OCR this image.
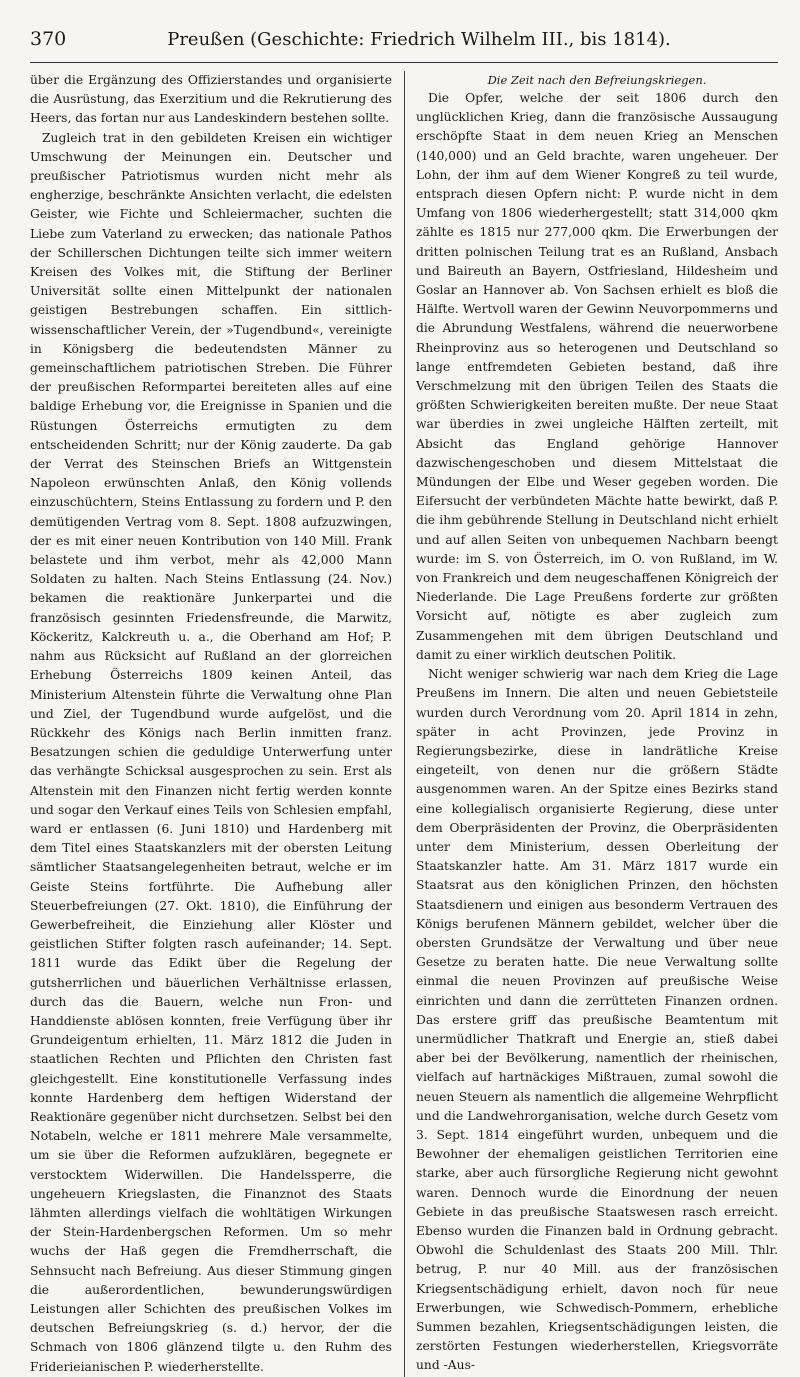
370	Preußen (Geschichte: Friedrich Wilhelm III., bis 1814).

über die Ergänzung des Offizierstandes und organisierte die Ausrüstung, das Exerzitium und die Rekrutierung des Heers, das fortan nur aus Landeskindern bestehen sollte.

Zugleich trat in den gebildeten Kreisen ein wichtiger Umschwung der Meinungen ein. Deutscher und preußischer Patriotismus wurden nicht mehr als engherzige, beschränkte Ansichten verlacht, die edelsten Geister, wie Fichte und Schleiermacher, suchten die Liebe zum Vaterland zu erwecken; das nationale Pathos der Schillerschen Dichtungen teilte sich immer weitern Kreisen des Volkes mit, die Stiftung der Berliner Universität sollte einen Mittelpunkt der nationalen geistigen Bestrebungen schaffen. Ein sittlich-wissenschaftlicher Verein, der »Tugendbund«, vereinigte in Königsberg die bedeutendsten Männer zu gemeinschaftlichem patriotischen Streben. Die Führer der preußischen Reformpartei bereiteten alles auf eine baldige Erhebung vor, die Ereignisse in Spanien und die Rüstungen Österreichs ermutigten zu dem entscheidenden Schritt; nur der König zauderte. Da gab der Verrat des Steinschen Briefs an Wittgenstein Napoleon erwünschten Anlaß, den König vollends einzuschüchtern, Steins Entlassung zu fordern und P. den demütigenden Vertrag vom 8. Sept. 1808 aufzuzwingen, der es mit einer neuen Kontribution von 140 Mill. Frank belastete und ihm verbot, mehr als 42,000 Mann Soldaten zu halten. Nach Steins Entlassung (24. Nov.) bekamen die reaktionäre Junkerpartei und die französisch gesinnten Friedensfreunde, die Marwitz, Köckeritz, Kalckreuth u. a., die Oberhand am Hof; P. nahm aus Rücksicht auf Rußland an der glorreichen Erhebung Österreichs 1809 keinen Anteil, das Ministerium Altenstein führte die Verwaltung ohne Plan und Ziel, der Tugendbund wurde aufgelöst, und die Rückkehr des Königs nach Berlin inmitten franz. Besatzungen schien die geduldige Unterwerfung unter das verhängte Schicksal ausgesprochen zu sein. Erst als Altenstein mit den Finanzen nicht fertig werden konnte und sogar den Verkauf eines Teils von Schlesien empfahl, ward er entlassen (6. Juni 1810) und Hardenberg mit dem Titel eines Staatskanzlers mit der obersten Leitung sämtlicher Staatsangelegenheiten betraut, welche er im Geiste Steins fortführte. Die Aufhebung aller Steuerbefreiungen (27. Okt. 1810), die Einführung der Gewerbefreiheit, die Einziehung aller Klöster und geistlichen Stifter folgten rasch aufeinander; 14. Sept. 1811 wurde das Edikt über die Regelung der gutsherrlichen und bäuerlichen Verhältnisse erlassen, durch das die Bauern, welche nun Fron- und Handdienste ablösen konnten, freie Verfügung über ihr Grundeigentum erhielten, 11. März 1812 die Juden in staatlichen Rechten und Pflichten den Christen fast gleichgestellt. Eine konstitutionelle Verfassung indes konnte Hardenberg dem heftigen Widerstand der Reaktionäre gegenüber nicht durchsetzen. Selbst bei den Notabeln, welche er 1811 mehrere Male versammelte, um sie über die Reformen aufzuklären, begegnete er verstocktem Widerwillen. Die Handelssperre, die ungeheuern Kriegslasten, die Finanznot des Staats lähmten allerdings vielfach die wohltätigen Wirkungen der Stein-Hardenbergschen Reformen. Um so mehr wuchs der Haß gegen die Fremdherrschaft, die Sehnsucht nach Befreiung. Aus dieser Stimmung gingen die außerordentlichen, bewunderungswürdigen Leistungen aller Schichten des preußischen Volkes im deutschen Befreiungskrieg (s. d.) hervor, der die Schmach von 1806 glänzend tilgte u. den Ruhm des Friderieianischen P. wiederherstellte.

Die Zeit nach den Befreiungskriegen.

Die Opfer, welche der seit 1806 durch den unglücklichen Krieg, dann die französische Aussaugung erschöpfte Staat in dem neuen Krieg an Menschen (140,000) und an Geld brachte, waren ungeheuer. Der Lohn, der ihm auf dem Wiener Kongreß zu teil wurde, entsprach diesen Opfern nicht: P. wurde nicht in dem Umfang von 1806 wiederhergestellt; statt 314,000 qkm zählte es 1815 nur 277,000 qkm. Die Erwerbungen der dritten polnischen Teilung trat es an Rußland, Ansbach und Baireuth an Bayern, Ostfriesland, Hildesheim und Goslar an Hannover ab. Von Sachsen erhielt es bloß die Hälfte. Wertvoll waren der Gewinn Neuvorpommerns und die Abrundung Westfalens, während die neuerworbene Rheinprovinz aus so heterogenen und Deutschland so lange entfremdeten Gebieten bestand, daß ihre Verschmelzung mit den übrigen Teilen des Staats die größten Schwierigkeiten bereiten mußte. Der neue Staat war überdies in zwei ungleiche Hälften zerteilt, mit Absicht das England gehörige Hannover dazwischengeschoben und diesem Mittelstaat die Mündungen der Elbe und Weser gegeben worden. Die Eifersucht der verbündeten Mächte hatte bewirkt, daß P. die ihm gebührende Stellung in Deutschland nicht erhielt und auf allen Seiten von unbequemen Nachbarn beengt wurde: im S. von Österreich, im O. von Rußland, im W. von Frankreich und dem neugeschaffenen Königreich der Niederlande. Die Lage Preußens forderte zur größten Vorsicht auf, nötigte es aber zugleich zum Zusammengehen mit dem übrigen Deutschland und damit zu einer wirklich deutschen Politik.

Nicht weniger schwierig war nach dem Krieg die Lage Preußens im Innern. Die alten und neuen Gebietsteile wurden durch Verordnung vom 20. April 1814 in zehn, später in acht Provinzen, jede Provinz in Regierungsbezirke, diese in landrätliche Kreise eingeteilt, von denen nur die größern Städte ausgenommen waren. An der Spitze eines Bezirks stand eine kollegialisch organisierte Regierung, diese unter dem Oberpräsidenten der Provinz, die Oberpräsidenten unter dem Ministerium, dessen Oberleitung der Staatskanzler hatte. Am 31. März 1817 wurde ein Staatsrat aus den königlichen Prinzen, den höchsten Staatsdienern und einigen aus besonderm Vertrauen des Königs berufenen Männern gebildet, welcher über die obersten Grundsätze der Verwaltung und über neue Gesetze zu beraten hatte. Die neue Verwaltung sollte einmal die neuen Provinzen auf preußische Weise einrichten und dann die zerrütteten Finanzen ordnen. Das erstere griff das preußische Beamtentum mit unermüdlicher Thatkraft und Energie an, stieß dabei aber bei der Bevölkerung, namentlich der rheinischen, vielfach auf hartnäckiges Mißtrauen, zumal sowohl die neuen Steuern als namentlich die allgemeine Wehrpflicht und die Landwehrorganisation, welche durch Gesetz vom 3. Sept. 1814 eingeführt wurden, unbequem und die Bewohner der ehemaligen geistlichen Territorien eine starke, aber auch fürsorgliche Regierung nicht gewohnt waren. Dennoch wurde die Einordnung der neuen Gebiete in das preußische Staatswesen rasch erreicht. Ebenso wurden die Finanzen bald in Ordnung gebracht. Obwohl die Schuldenlast des Staats 200 Mill. Thlr. betrug, P. nur 40 Mill. aus der französischen Kriegsentschädigung erhielt, davon noch für neue Erwerbungen, wie Schwedisch-Pommern, erhebliche Summen bezahlen, Kriegsentschädigungen leisten, die zerstörten Festungen wiederherstellen, Kriegsvorräte und -Aus-
